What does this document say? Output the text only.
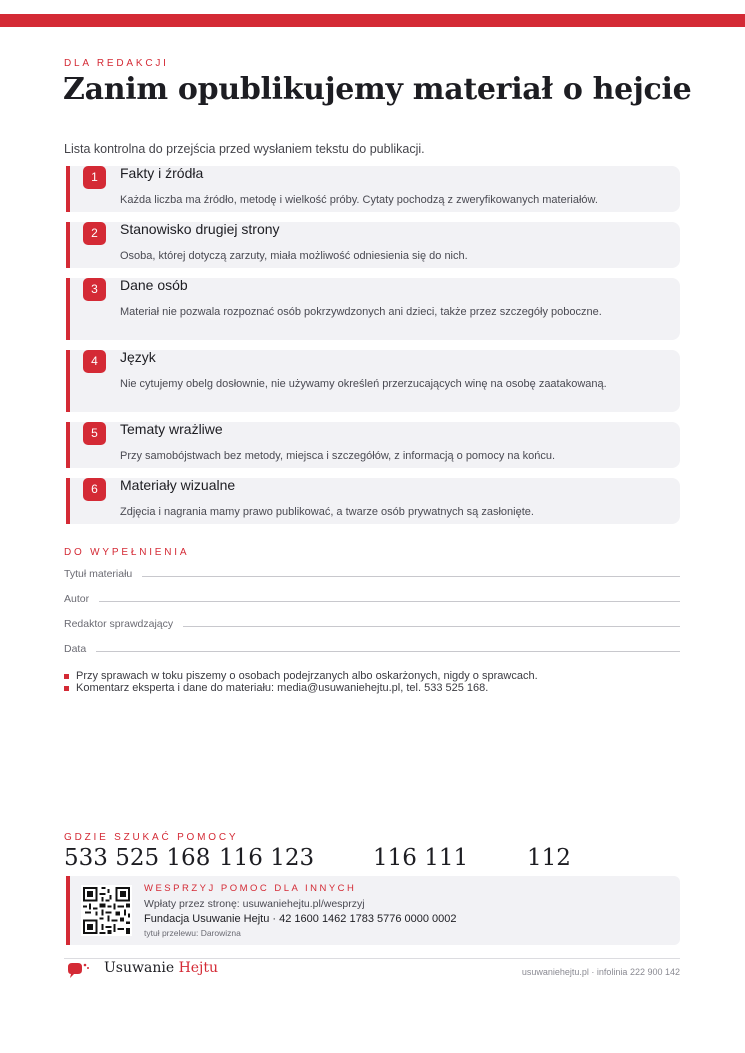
DLA REDAKCJI
Zanim opublikujemy materiał o hejcie

Lista kontrolna do przejścia przed wysłaniem tekstu do publikacji.

1	Fakty i źródła
Każda liczba ma źródło, metodę i wielkość próby. Cytaty pochodzą z zweryfikowanych materiałów.
2	Stanowisko drugiej strony
Osoba, której dotyczą zarzuty, miała możliwość odniesienia się do nich.
3	Dane osób
Materiał nie pozwala rozpoznać osób pokrzywdzonych ani dzieci, także przez szczegóły poboczne.
4	Język
Nie cytujemy obelg dosłownie, nie używamy określeń przerzucających winę na osobę zaatakowaną.
5	Tematy wrażliwe
Przy samobójstwach bez metody, miejsca i szczegółów, z informacją o pomocy na końcu.
6	Materiały wizualne
Zdjęcia i nagrania mamy prawo publikować, a twarze osób prywatnych są zasłonięte.
DO WYPEŁNIENIA
Tytuł materiału
Autor
Redaktor sprawdzający
Data
Przy sprawach w toku piszemy o osobach podejrzanych albo oskarżonych, nigdy o sprawcach.
Komentarz eksperta i dane do materiału: media@usuwaniehejtu.pl, tel. 533 525 168.
GDZIE SZUKAĆ POMOCY
533 525 168 116 123	116 111	112
WESPRZYJ POMOC DLA INNYCH
Wpłaty przez stronę: usuwaniehejtu.pl/wesprzyj
Fundacja Usuwanie Hejtu · 42 1600 1462 1783 5776 0000 0002
tytuł przelewu: Darowizna
Usuwanie Hejtu	usuwaniehejtu.pl · infolinia 222 900 142
